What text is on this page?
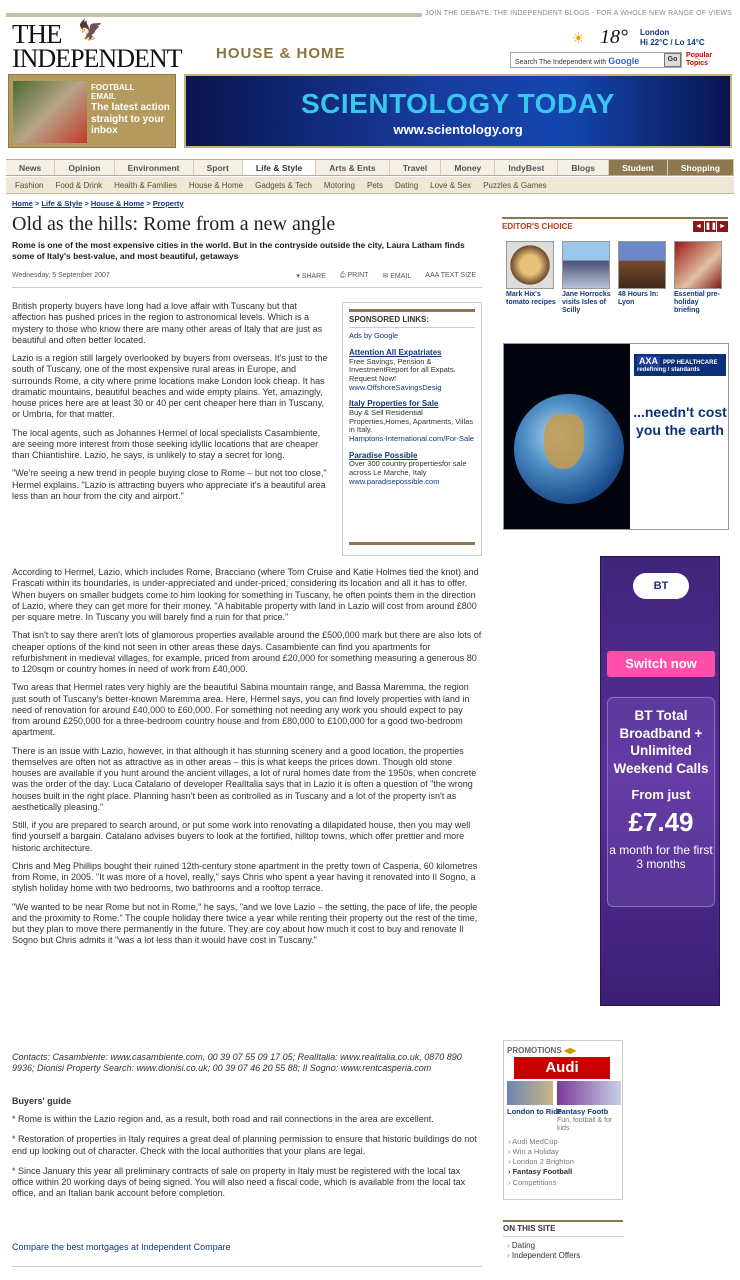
JOIN THE DEBATE: THE INDEPENDENT BLOGS - FOR A WHOLE NEW RANGE OF VIEWS
THE 🦅
INDEPENDENT HOUSE & HOME
☀ 18° London
Hi 22°C / Lo 14°C
Search The Independent with Google	Go
Popular
Topics
FOOTBALL
EMAIL
The latest action straight to your inbox
SCIENTOLOGY TODAY
www.scientology.org
News	Opinion	Environment	Sport	Life & Style	Arts & Ents	Travel	Money	IndyBest	Blogs	Student	Shopping
Fashion	Food & Drink	Health & Families	House & Home	Gadgets & Tech	Motoring	Pets	Dating	Love & Sex	Puzzles & Games
Home > Life & Style > House & Home > Property
Old as the hills: Rome from a new angle
Rome is one of the most expensive cities in the world. But in the contryside outside the city, Laura Latham finds some of Italy's best-value, and most beautiful, getaways
Wednesday, 5 September 2007	▾ SHARE ⎙ PRINT ✉ EMAIL AAA TEXT SIZE

British property buyers have long had a love affair with Tuscany but that affection has pushed prices in the region to astronomical levels. Which is a mystery to those who know there are many other areas of Italy that are just as beautiful and often better located.

Lazio is a region still largely overlooked by buyers from overseas. It's just to the south of Tuscany, one of the most expensive rural areas in Europe, and surrounds Rome, a city where prime locations make London look cheap. It has dramatic mountains, beautiful beaches and wide empty plains. Yet, amazingly, house prices here are at least 30 or 40 per cent cheaper here than in Tuscany, or Umbria, for that matter.

The local agents, such as Johannes Hermel of local specialists Casambiente, are seeing more interest from those seeking idyllic locations that are cheaper than Chiantishire. Lazio, he says, is unlikely to stay a secret for long.

"We're seeing a new trend in people buying close to Rome – but not too close," Hermel explains. "Lazio is attracting buyers who appreciate it's a beautiful area less than an hour from the city and airport."

SPONSORED LINKS:
Ads by Google
Attention All Expatriates
Free Savings, Pension & InvestmentReport for all Expats. Request Now!
www.OffshoreSavingsDesig
Italy Properties for Sale
Buy & Sell Residential Properties,Homes, Apartments, Villas in Italy.
Hamptons-International.com/For-Sale
Paradise Possible
Over 300 country propertiesfor sale across Le Marche, Italy
www.paradisepossible.com

According to Hermel, Lazio, which includes Rome, Bracciano (where Tom Cruise and Katie Holmes tied the knot) and Frascati within its boundaries, is under-appreciated and under-priced, considering its location and all it has to offer. When buyers on smaller budgets come to him looking for something in Tuscany, he often points them in the direction of Lazio, where they can get more for their money. "A habitable property with land in Lazio will cost from around £800 per square metre. In Tuscany you will barely find a ruin for that price."

That isn't to say there aren't lots of glamorous properties available around the £500,000 mark but there are also lots of cheaper options of the kind not seen in other areas these days. Casambiente can find you apartments for refurbishment in medieval villages, for example, priced from around £20,000 for something measuring a generous 80 to 120sqm or country homes in need of work from £40,000.

Two areas that Hermel rates very highly are the beautiful Sabina mountain range, and Bassa Maremma, the region just south of Tuscany's better-known Maremma area. Here, Hermel says, you can find lovely properties with land in need of renovation for around £40,000 to £60,000. For something not needing any work you should expect to pay from around £250,000 for a three-bedroom country house and from £80,000 to £100,000 for a good two-bedroom apartment.

There is an issue with Lazio, however, in that although it has stunning scenery and a good location, the properties themselves are often not as attractive as in other areas – this is what keeps the prices down. Though old stone houses are available if you hunt around the ancient villages, a lot of rural homes date from the 1950s, when concrete was the order of the day. Luca Catalano of developer RealItalia says that in Lazio it is often a question of "the wrong houses built in the right place. Planning hasn't been as controlled as in Tuscany and a lot of the property isn't as aesthetically pleasing."

Still, if you are prepared to search around, or put some work into renovating a dilapidated house, then you may well find yourself a bargain. Catalano advises buyers to look at the fortified, hilltop towns, which offer prettier and more historic architecture.

Chris and Meg Phillips bought their ruined 12th-century stone apartment in the pretty town of Casperia, 60 kilometres from Rome, in 2005. "It was more of a hovel, really," says Chris who spent a year having it renovated into Il Sogno, a stylish holiday home with two bedrooms, two bathrooms and a rooftop terrace.

"We wanted to be near Rome but not in Rome," he says, "and we love Lazio – the setting, the pace of life, the people and the proximity to Rome." The couple holiday there twice a year while renting their property out the rest of the time, but they plan to move there permanently in the future. They are coy about how much it cost to buy and renovate Il Sogno but Chris admits it "was a lot less than it would have cost in Tuscany."

Contacts: Casambiente: www.casambiente.com, 00 39 07 55 09 17 05; RealItalia: www.realitalia.co.uk, 0870 890 9936; Dionisi Property Search: www.dionisi.co.uk; 00 39 07 46 20 55 88; Il Sogno: www.rentcasperia.com
Buyers' guide

* Rome is within the Lazio region and, as a result, both road and rail connections in the area are excellent.

* Restoration of properties in Italy requires a great deal of planning permission to ensure that historic buildings do not end up looking out of character. Check with the local authorities that your plans are legal.

* Since January this year all preliminary contracts of sale on property in Italy must be registered with the local tax office within 20 working days of being signed. You will also need a fiscal code, which is available from the local tax office, and an Italian bank account before completion.

Compare the best mortgages at Independent Compare
EDITOR'S CHOICE	◄ ❚❚ ►
Mark Hix's tomato recipes
Jane Horrocks visits Isles of Scilly
48 Hours In: Lyon
Essential pre-holiday briefing
AXA PPP HEALTHCARE
redefining / standards
...needn't cost you the earth
BT
Switch now
BT Total Broadband + Unlimited Weekend Calls
From just
£7.49
a month for the first 3 months
PROMOTIONS ◀▶
Audi
London to Ride
Fantasy Footb
Fun, football & for kids
› Audi MedCup
› Win a Holiday
› London 2 Brighton
› Fantasy Football
› Competitions
ON THIS SITE
› Dating
› Independent Offers
